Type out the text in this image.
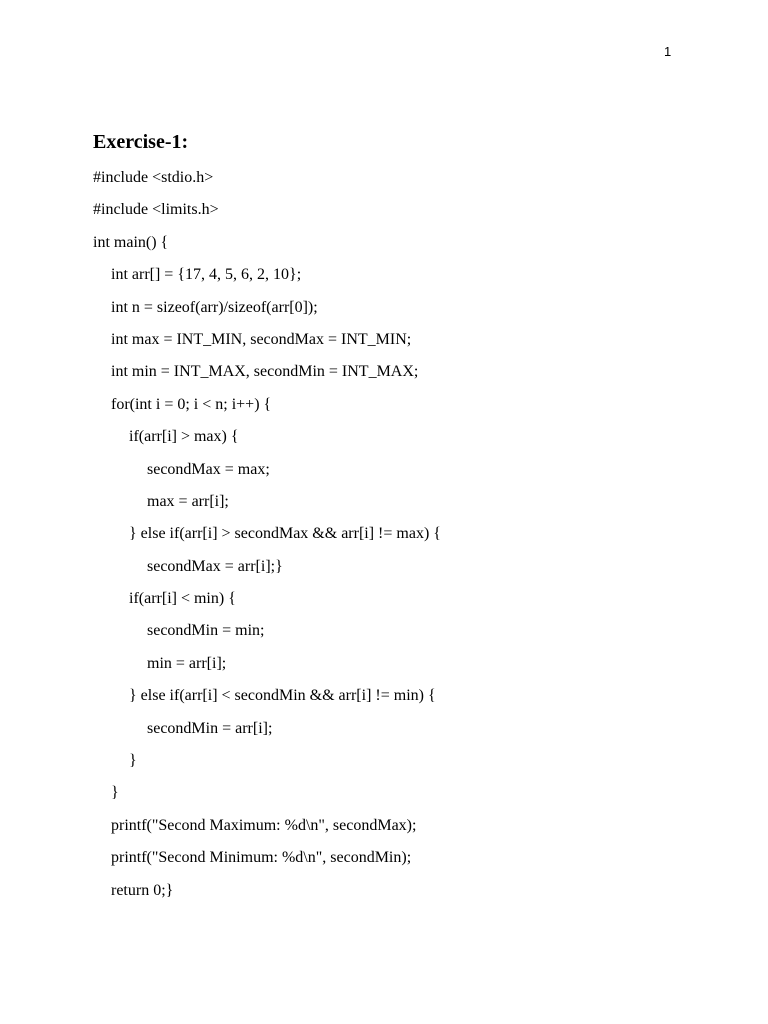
1
Exercise-1:
#include <stdio.h>
#include <limits.h>
int main() {
int arr[] = {17, 4, 5, 6, 2, 10};
int n = sizeof(arr)/sizeof(arr[0]);
int max = INT_MIN, secondMax = INT_MIN;
int min = INT_MAX, secondMin = INT_MAX;
for(int i = 0; i < n; i++) {
if(arr[i] > max) {
secondMax = max;
max = arr[i];
} else if(arr[i] > secondMax && arr[i] != max) {
secondMax = arr[i];}
if(arr[i] < min) {
secondMin = min;
min = arr[i];
} else if(arr[i] < secondMin && arr[i] != min) {
secondMin = arr[i];
}
}
printf("Second Maximum: %d\n", secondMax);
printf("Second Minimum: %d\n", secondMin);
return 0;}
